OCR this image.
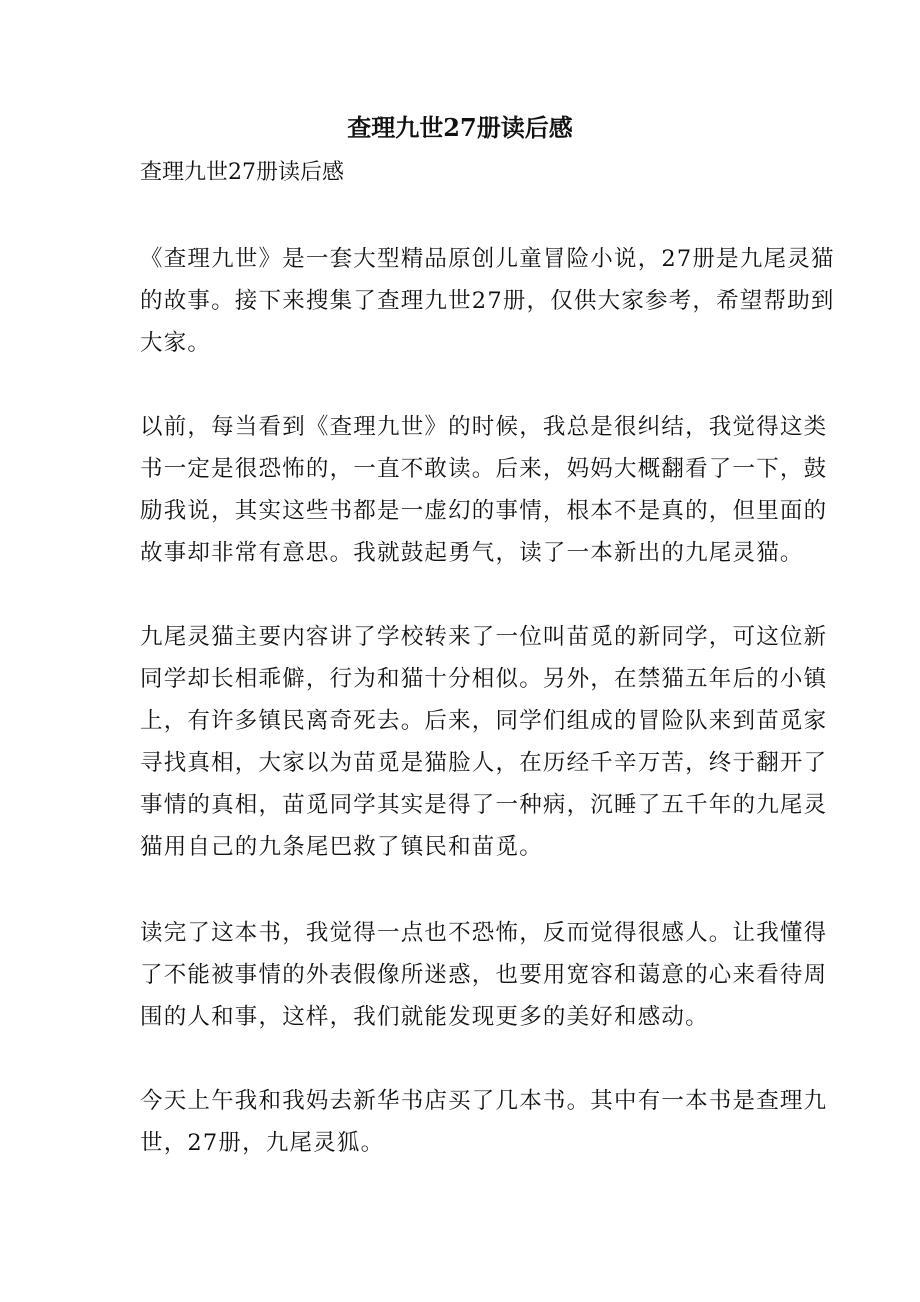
查理九世27册读后感
查理九世27册读后感
《查理九世》是一套大型精品原创儿童冒险小说，27册是九尾灵猫
的故事。接下来搜集了查理九世27册，仅供大家参考，希望帮助到
大家。
以前，每当看到《查理九世》的时候，我总是很纠结，我觉得这类
书一定是很恐怖的，一直不敢读。后来，妈妈大概翻看了一下，鼓
励我说，其实这些书都是一虚幻的事情，根本不是真的，但里面的
故事却非常有意思。我就鼓起勇气，读了一本新出的九尾灵猫。
九尾灵猫主要内容讲了学校转来了一位叫苗觅的新同学，可这位新
同学却长相乖僻，行为和猫十分相似。另外，在禁猫五年后的小镇
上，有许多镇民离奇死去。后来，同学们组成的冒险队来到苗觅家
寻找真相，大家以为苗觅是猫脸人，在历经千辛万苦，终于翻开了
事情的真相，苗觅同学其实是得了一种病，沉睡了五千年的九尾灵
猫用自己的九条尾巴救了镇民和苗觅。
读完了这本书，我觉得一点也不恐怖，反而觉得很感人。让我懂得
了不能被事情的外表假像所迷惑，也要用宽容和蔼意的心来看待周
围的人和事，这样，我们就能发现更多的美好和感动。
今天上午我和我妈去新华书店买了几本书。其中有一本书是查理九
世，27册，九尾灵狐。
